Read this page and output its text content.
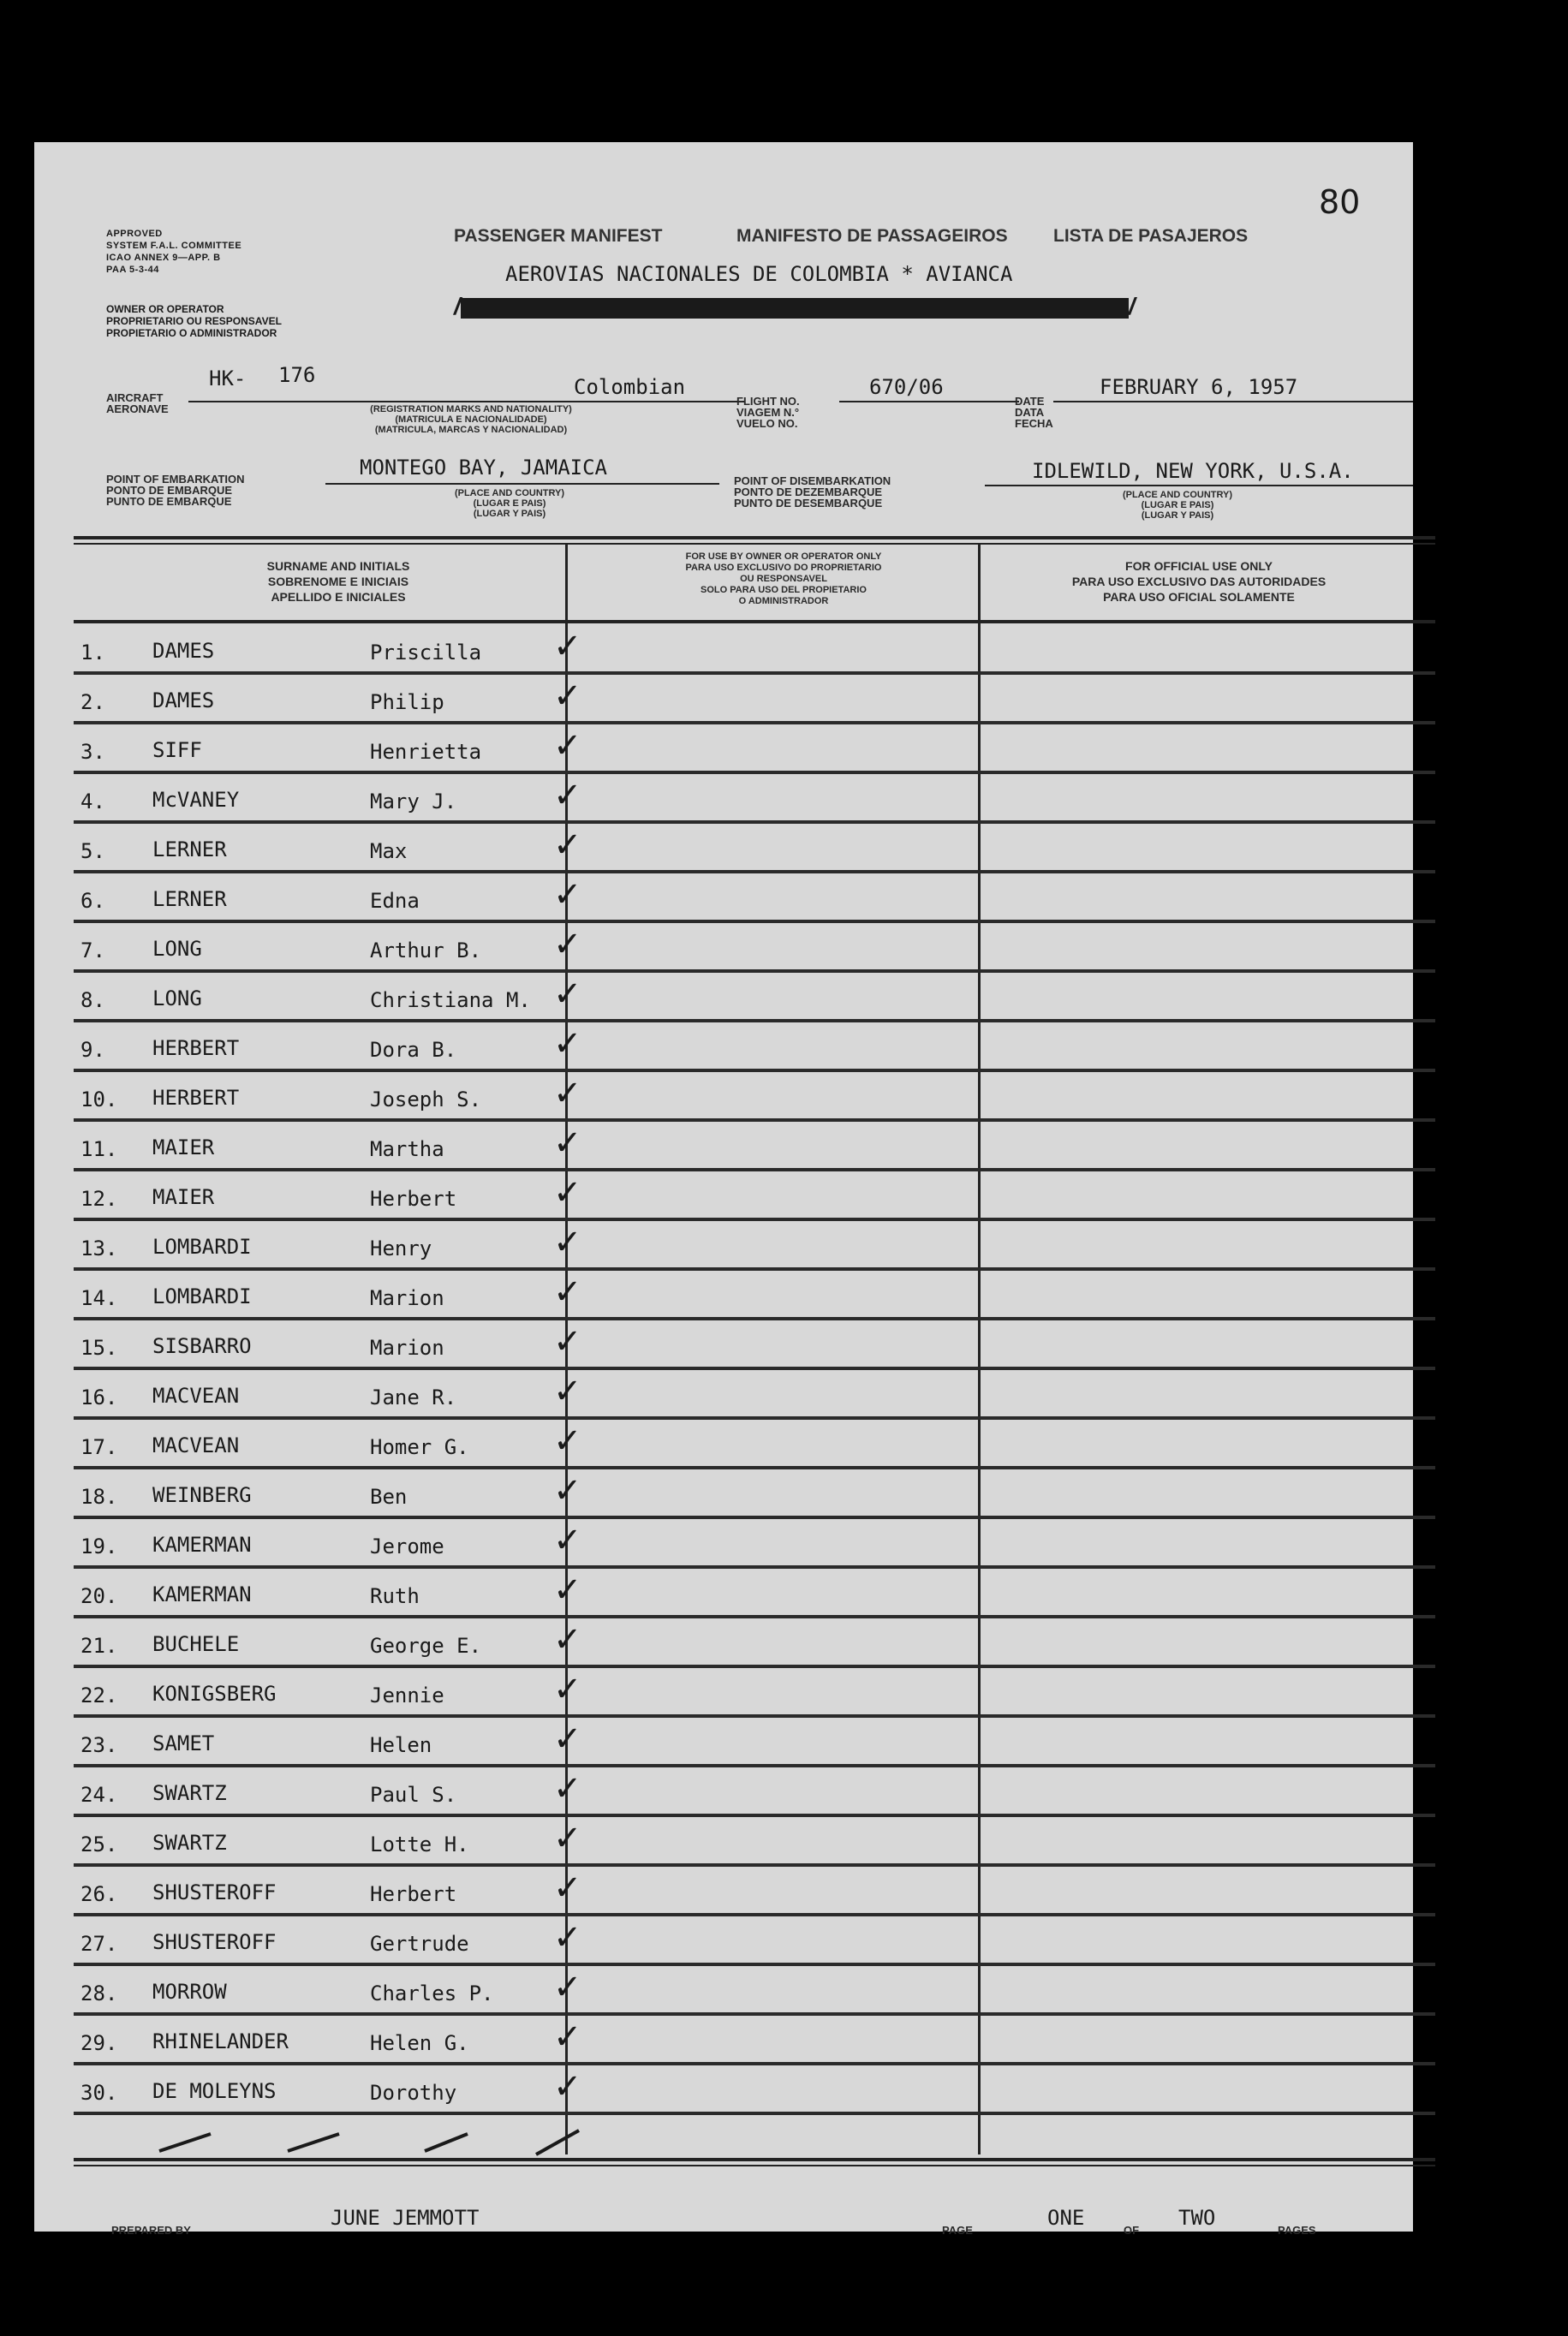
80
APPROVED
SYSTEM F.A.L. COMMITTEE
ICAO ANNEX 9—APP. B
PAA 5-3-44
OWNER OR OPERATOR
PROPRIETARIO OU RESPONSAVEL
PROPIETARIO O ADMINISTRADOR
PASSENGER MANIFEST	MANIFESTO DE PASSAGEIROS	LISTA DE PASAJEROS
AEROVIAS NACIONALES DE COLOMBIA * AVIANCA
/	/
AIRCRAFT
AERONAVE
HK- 176	Colombian
(REGISTRATION MARKS AND NATIONALITY)
(MATRICULA E NACIONALIDADE)
(MATRICULA, MARCAS Y NACIONALIDAD)
FLIGHT NO.
VIAGEM N.°
VUELO NO.
670/06
DATE
DATA
FECHA
FEBRUARY 6, 1957
POINT OF EMBARKATION
PONTO DE EMBARQUE
PUNTO DE EMBARQUE
MONTEGO BAY, JAMAICA
(PLACE AND COUNTRY)
(LUGAR E PAIS)
(LUGAR Y PAIS)
POINT OF DISEMBARKATION
PONTO DE DEZEMBARQUE
PUNTO DE DESEMBARQUE
IDLEWILD, NEW YORK, U.S.A.
(PLACE AND COUNTRY)
(LUGAR E PAIS)
(LUGAR Y PAIS)
SURNAME AND INITIALS
SOBRENOME E INICIAIS
APELLIDO E INICIALES
FOR USE BY OWNER OR OPERATOR ONLY
PARA USO EXCLUSIVO DO PROPRIETARIO
OU RESPONSAVEL
SOLO PARA USO DEL PROPIETARIO
O ADMINISTRADOR
FOR OFFICIAL USE ONLY
PARA USO EXCLUSIVO DAS AUTORIDADES
PARA USO OFICIAL SOLAMENTE
1.	DAMES	Priscilla ✓
2.	DAMES	Philip	✓
3.	SIFF	Henrietta ✓
4.	McVANEY	Mary J.	✓
5.	LERNER	Max	✓
6.	LERNER	Edna	✓
7.	LONG	Arthur B. ✓
8.	LONG	Christiana M. ✓
9.	HERBERT	Dora B.	✓
10.	HERBERT	Joseph S. ✓
11.	MAIER	Martha	✓
12.	MAIER	Herbert	✓
13.	LOMBARDI	Henry	✓
14.	LOMBARDI	Marion	✓
15.	SISBARRO	Marion	✓
16.	MACVEAN	Jane R.	✓
17.	MACVEAN	Homer G. ✓
18.	WEINBERG	Ben	✓
19.	KAMERMAN	Jerome	✓
20.	KAMERMAN	Ruth	✓
21.	BUCHELE	George E. ✓
22.	KONIGSBERG	Jennie	✓
23.	SAMET	Helen	✓
24.	SWARTZ	Paul S.	✓
25.	SWARTZ	Lotte H. ✓
26.	SHUSTEROFF	Herbert	✓
27.	SHUSTEROFF	Gertrude ✓
28.	MORROW	Charles P. ✓
29.	RHINELANDER	Helen G. ✓
30.	DE MOLEYNS	Dorothy	✓
PREPARED BY
JUNE JEMMOTT
PAGE
ONE
OF
TWO
PAGES
